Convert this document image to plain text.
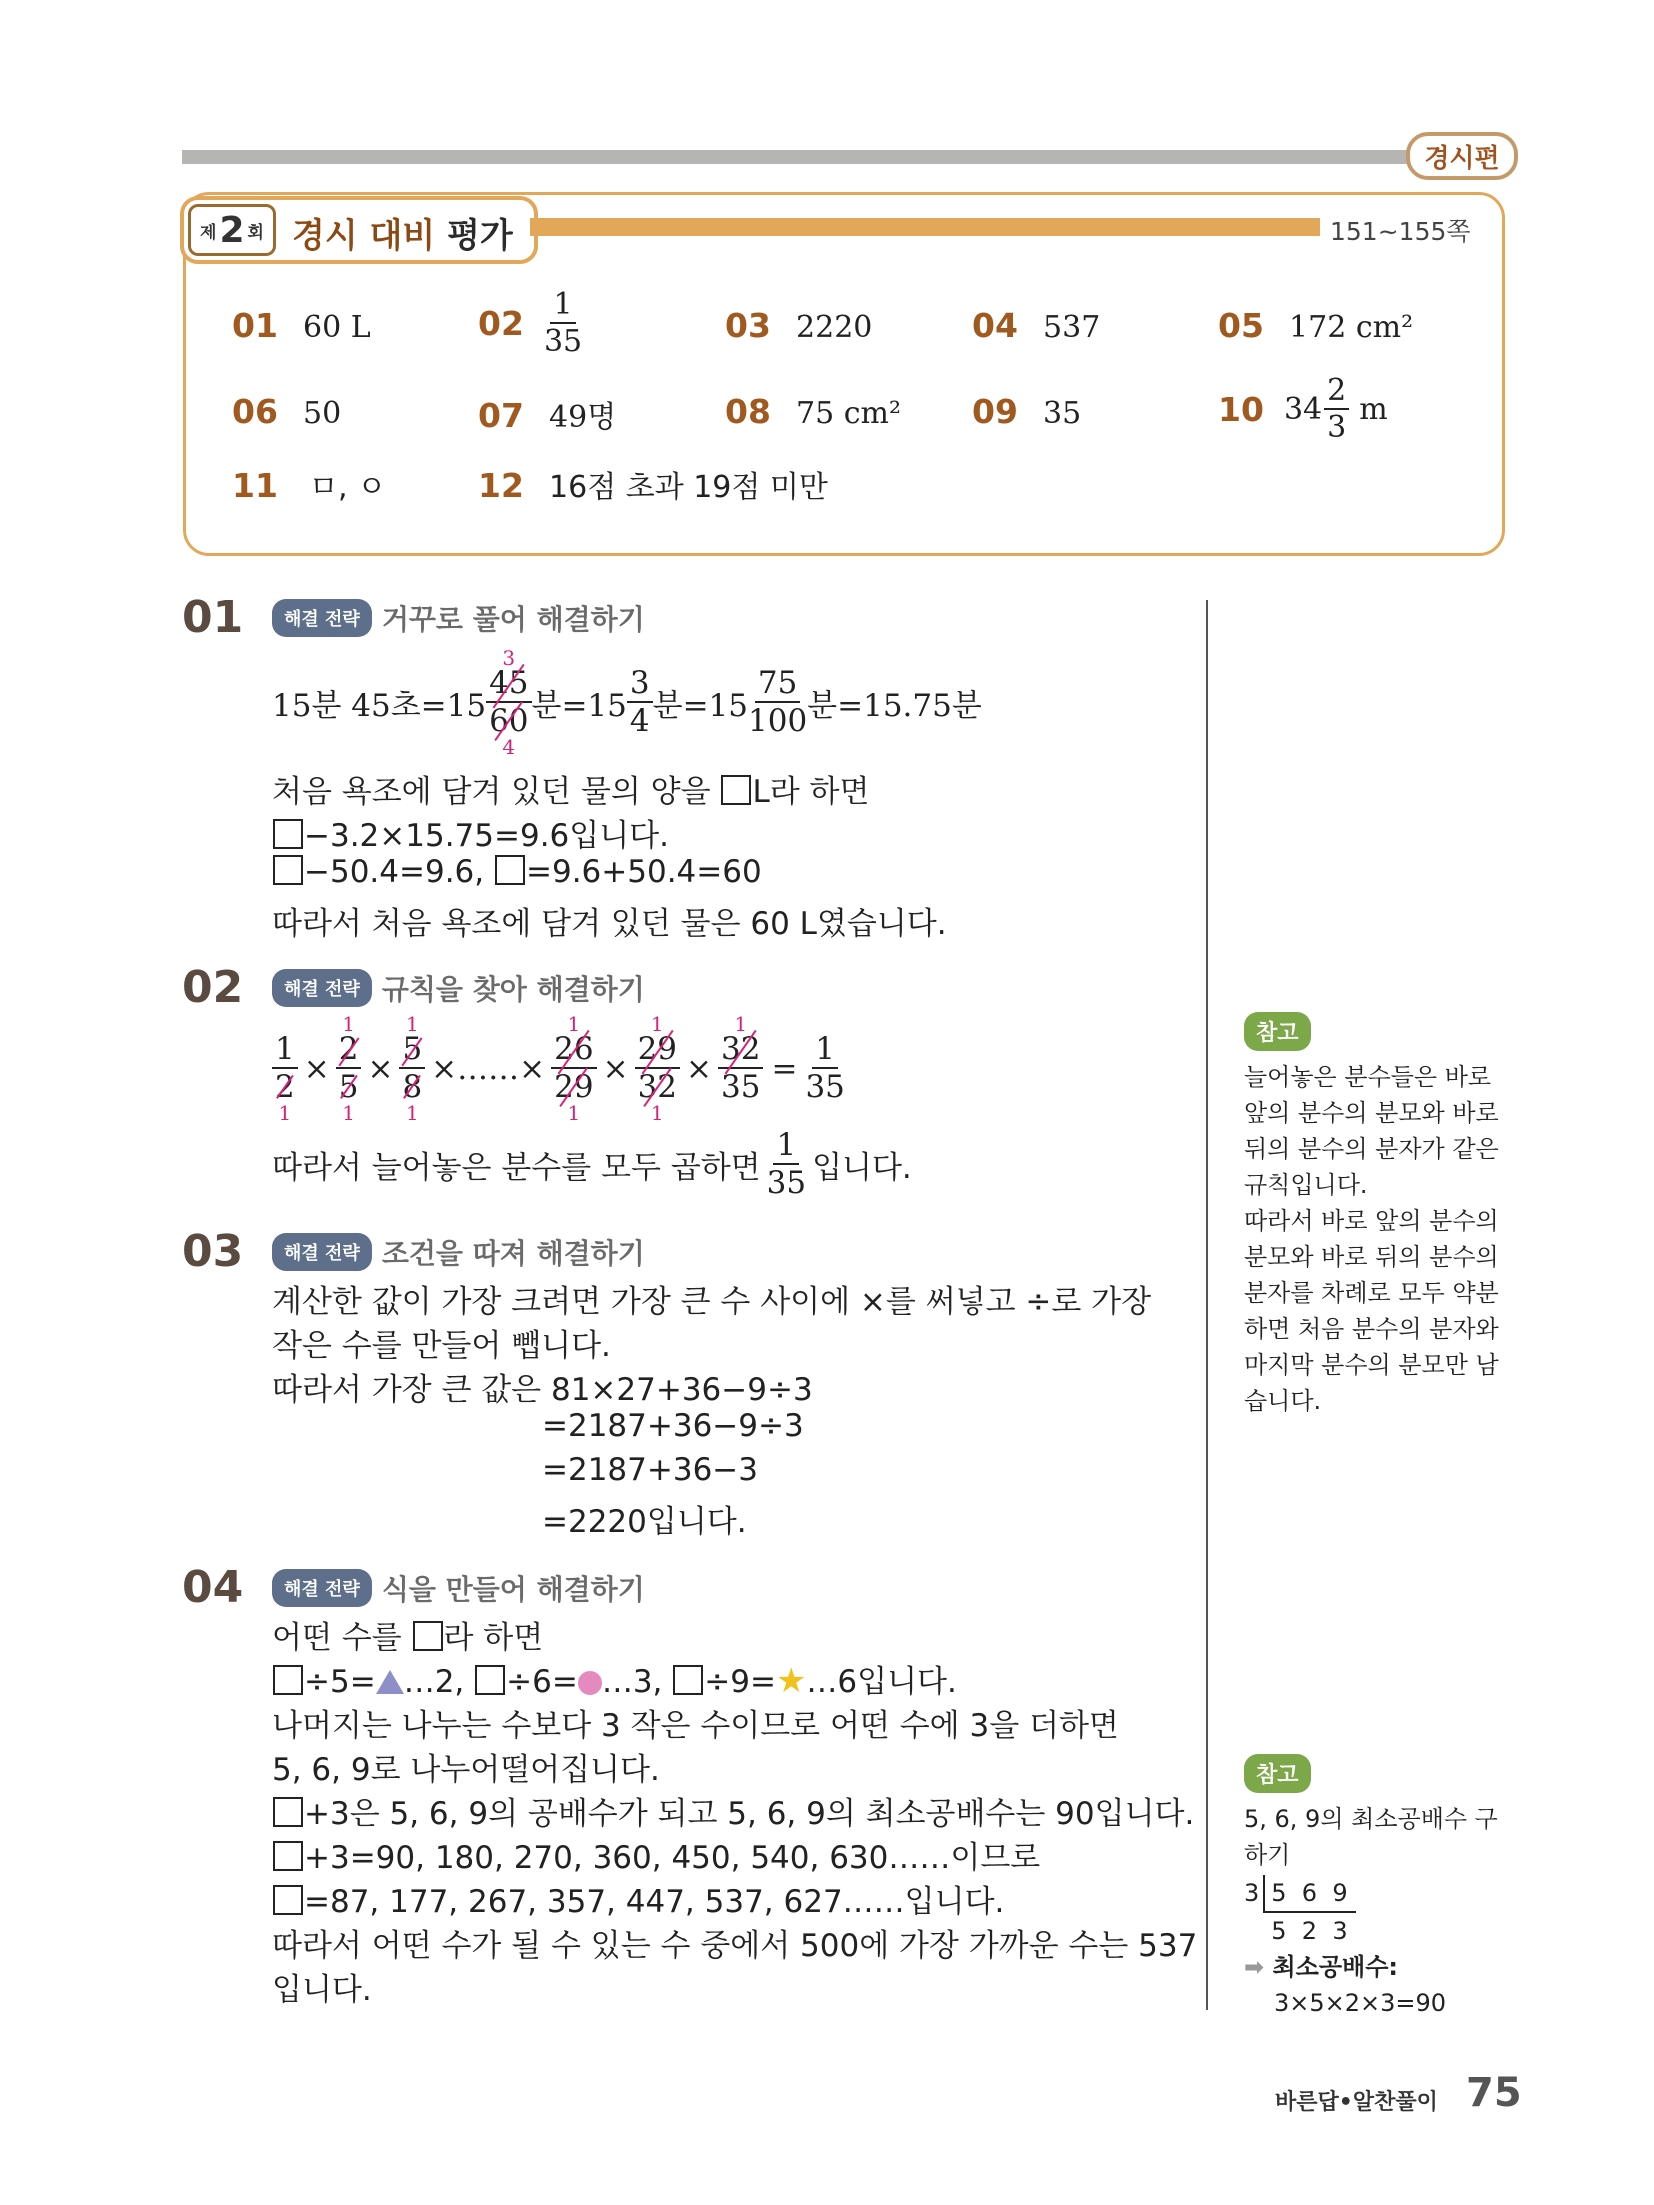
경시편
제 2 회 경시 대비 평가	151~155쪽
01 60 L	$02 \frac{1}{35}$	03 2220	04 537	05 172 cm²
06 50	07 49명	08 75 cm² 09 35	10 $34 \frac{2}{3}$ m
11 ㅁ, ㅇ	12 16점 초과 19점 미만
01	해결 전략 거꾸로 풀어 해결하기
15분 45초=15
3
$\frac{45}{60}$
4
분$=15 \frac{3}{4}$ 분$=15 \frac{75}{100}$ 분=15.75분
처음 욕조에 담겨 있던 물의 양을 L라 하면
−3.2×15.75=9.6입니다.
−50.4=9.6, =9.6+50.4=60
따라서 처음 욕조에 담겨 있던 물은 60 L였습니다.
02	해결 전략 규칙을 찾아 해결하기
$\frac{1}{2}$
1
×
1
$\frac{2}{5}$
1
×
1
$\frac{5}{8}$
1
×……×
1
$\frac{26}{29}$
1
×
1
$\frac{29}{32}$
1
×
1
$\frac{32}{35} = \frac{1}{35}$
따라서 늘어놓은 분수를 모두 곱하면 $\frac{1}{35}$ 입니다.
03	해결 전략 조건을 따져 해결하기
계산한 값이 가장 크려면 가장 큰 수 사이에 ×를 써넣고 ÷로 가장
작은 수를 만들어 뺍니다.
따라서 가장 큰 값은 81×27+36−9÷3
=2187+36−9÷3
=2187+36−3
=2220입니다.
04	해결 전략 식을 만들어 해결하기
어떤 수를 라 하면
÷5= …2, ÷6= …3, ÷9=★…6입니다.
나머지는 나누는 수보다 3 작은 수이므로 어떤 수에 3을 더하면
5, 6, 9로 나누어떨어집니다.
+3은 5, 6, 9의 공배수가 되고 5, 6, 9의 최소공배수는 90입니다.
+3=90, 180, 270, 360, 450, 540, 630……이므로
=87, 177, 267, 357, 447, 537, 627……입니다.
따라서 어떤 수가 될 수 있는 수 중에서 500에 가장 가까운 수는 537
입니다.
참고
늘어놓은 분수들은 바로
앞의 분수의 분모와 바로
뒤의 분수의 분자가 같은
규칙입니다.
따라서 바로 앞의 분수의
분모와 바로 뒤의 분수의
분자를 차례로 모두 약분
하면 처음 분수의 분자와
마지막 분수의 분모만 남
습니다.
참고
5, 6, 9의 최소공배수 구
하기
3 5  6  9
5  2  3
➡ 최소공배수:
3×5×2×3=90
바른답•알찬풀이 75
